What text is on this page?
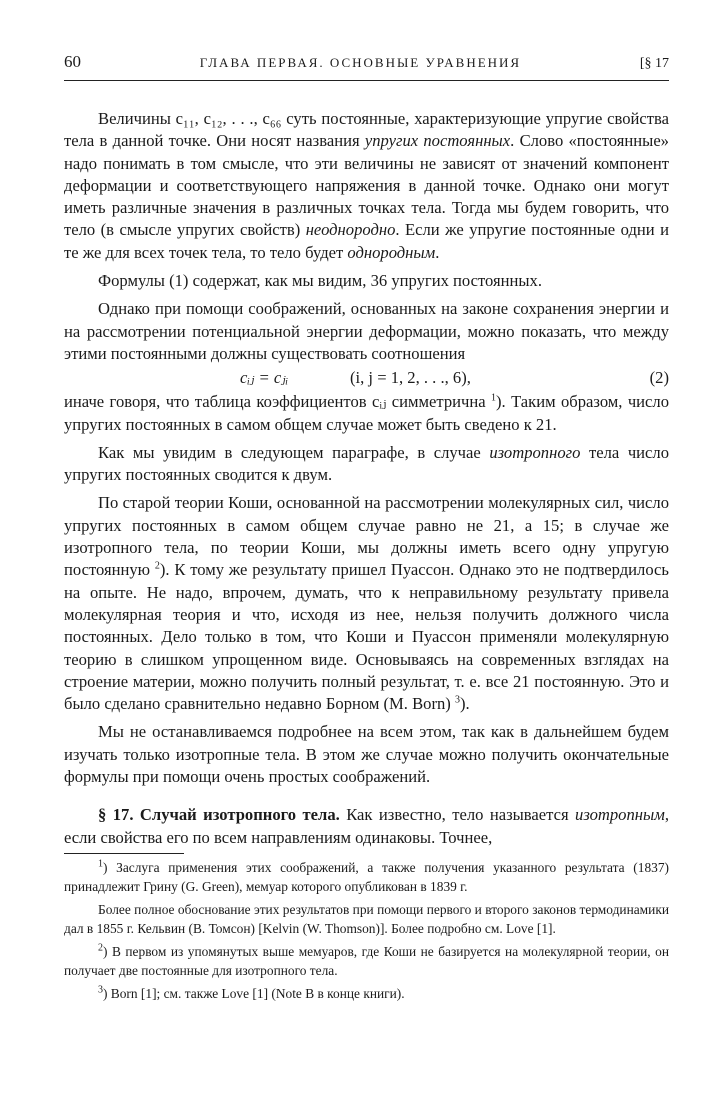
60	ГЛАВА ПЕРВАЯ. ОСНОВНЫЕ УРАВНЕНИЯ	[§ 17

Величины c₁₁, c₁₂, . . ., c₆₆ суть постоянные, характеризующие упругие свойства тела в данной точке. Они носят названия упругих постоянных. Слово «постоянные» надо понимать в том смысле, что эти величины не зависят от значений компонент деформации и соответствующего напряжения в данной точке. Однако они могут иметь различные значения в различных точках тела. Тогда мы будем говорить, что тело (в смысле упругих свойств) неоднородно. Если же упругие постоянные одни и те же для всех точек тела, то тело будет однородным.

Формулы (1) содержат, как мы видим, 36 упругих постоянных.

Однако при помощи соображений, основанных на законе сохранения энергии и на рассмотрении потенциальной энергии деформации, можно показать, что между этими постоянными должны существовать соотношения

cᵢⱼ = cⱼᵢ	(i, j = 1, 2, . . ., 6),	(2)

иначе говоря, что таблица коэффициентов cᵢⱼ симметрична $^1$). Таким образом, число упругих постоянных в самом общем случае может быть сведено к 21.

Как мы увидим в следующем параграфе, в случае изотропного тела число упругих постоянных сводится к двум.

По старой теории Коши, основанной на рассмотрении молекулярных сил, число упругих постоянных в самом общем случае равно не 21, а 15; в случае же изотропного тела, по теории Коши, мы должны иметь всего одну упругую постоянную $^2$). К тому же результату пришел Пуассон. Однако это не подтвердилось на опыте. Не надо, впрочем, думать, что к неправильному результату привела молекулярная теория и что, исходя из нее, нельзя получить должного числа постоянных. Дело только в том, что Коши и Пуассон применяли молекулярную теорию в слишком упрощенном виде. Основываясь на современных взглядах на строение материи, можно получить полный результат, т. е. все 21 постоянную. Это и было сделано сравнительно недавно Борном (M. Born) $^3$).

Мы не останавливаемся подробнее на всем этом, так как в дальнейшем будем изучать только изотропные тела. В этом же случае можно получить окончательные формулы при помощи очень простых соображений.

§ 17. Случай изотропного тела. Как известно, тело называется изотропным, если свойства его по всем направлениям одинаковы. Точнее,

$^1$) Заслуга применения этих соображений, а также получения указанного результата (1837) принадлежит Грину (G. Green), мемуар которого опубликован в 1839 г.

Более полное обоснование этих результатов при помощи первого и второго законов термодинамики дал в 1855 г. Кельвин (В. Томсон) [Kelvin (W. Thomson)]. Более подробно см. Love [1].

$^2$) В первом из упомянутых выше мемуаров, где Коши не базируется на молекулярной теории, он получает две постоянные для изотропного тела.

$^3$) Born [1]; см. также Love [1] (Note B в конце книги).
